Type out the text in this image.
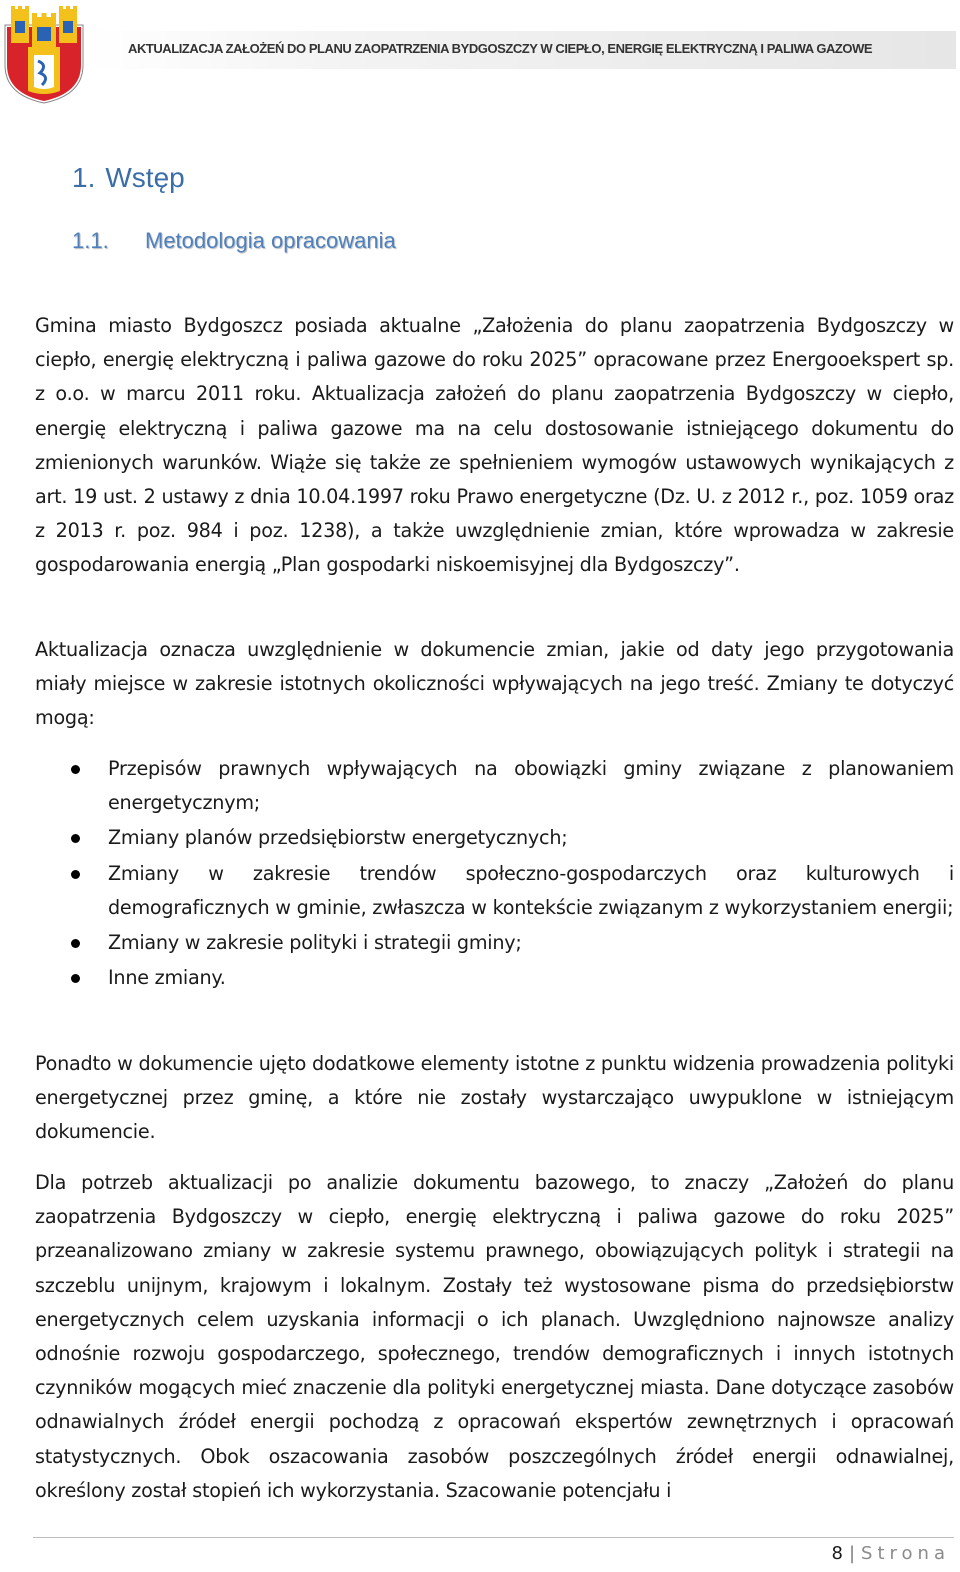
AKTUALIZACJA ZAŁOŻEŃ DO PLANU ZAOPATRZENIA BYDGOSZCZY W CIEPŁO, ENERGIĘ ELEKTRYCZNĄ I PALIWA GAZOWE
1. Wstęp
1.1. Metodologia opracowania

Gmina miasto Bydgoszcz posiada aktualne „Założenia do planu zaopatrzenia Bydgoszczy w ciepło, energię elektryczną i paliwa gazowe do roku 2025” opracowane przez Energooekspert sp. z o.o. w marcu 2011 roku. Aktualizacja założeń do planu zaopatrzenia Bydgoszczy w ciepło, energię elektryczną i paliwa gazowe ma na celu dostosowanie istniejącego dokumentu do zmienionych warunków. Wiąże się także ze spełnieniem wymogów ustawowych wynikających z art. 19 ust. 2 ustawy z dnia 10.04.1997 roku Prawo energetyczne (Dz. U. z 2012 r., poz. 1059 oraz z 2013 r. poz. 984 i poz. 1238), a także uwzględnienie zmian, które wprowadza w zakresie gospodarowania energią „Plan gospodarki niskoemisyjnej dla Bydgoszczy”.

Aktualizacja oznacza uwzględnienie w dokumencie zmian, jakie od daty jego przygotowania miały miejsce w zakresie istotnych okoliczności wpływających na jego treść. Zmiany te dotyczyć mogą:

Przepisów prawnych wpływających na obowiązki gminy związane z planowaniem energetycznym;
Zmiany planów przedsiębiorstw energetycznych;
Zmiany w zakresie trendów społeczno-gospodarczych oraz kulturowych i demograficznych w gminie, zwłaszcza w kontekście związanym z wykorzystaniem energii;
Zmiany w zakresie polityki i strategii gminy;
Inne zmiany.

Ponadto w dokumencie ujęto dodatkowe elementy istotne z punktu widzenia prowadzenia polityki energetycznej przez gminę, a które nie zostały wystarczająco uwypuklone w istniejącym dokumencie.

Dla potrzeb aktualizacji po analizie dokumentu bazowego, to znaczy „Założeń do planu zaopatrzenia Bydgoszczy w ciepło, energię elektryczną i paliwa gazowe do roku 2025” przeanalizowano zmiany w zakresie systemu prawnego, obowiązujących polityk i strategii na szczeblu unijnym, krajowym i lokalnym. Zostały też wystosowane pisma do przedsiębiorstw energetycznych celem uzyskania informacji o ich planach. Uwzględniono najnowsze analizy odnośnie rozwoju gospodarczego, społecznego, trendów demograficznych i innych istotnych czynników mogących mieć znaczenie dla polityki energetycznej miasta. Dane dotyczące zasobów odnawialnych źródeł energii pochodzą z opracowań ekspertów zewnętrznych i opracowań statystycznych. Obok oszacowania zasobów poszczególnych źródeł energii odnawialnej, określony został stopień ich wykorzystania. Szacowanie potencjału i

8 | Strona
